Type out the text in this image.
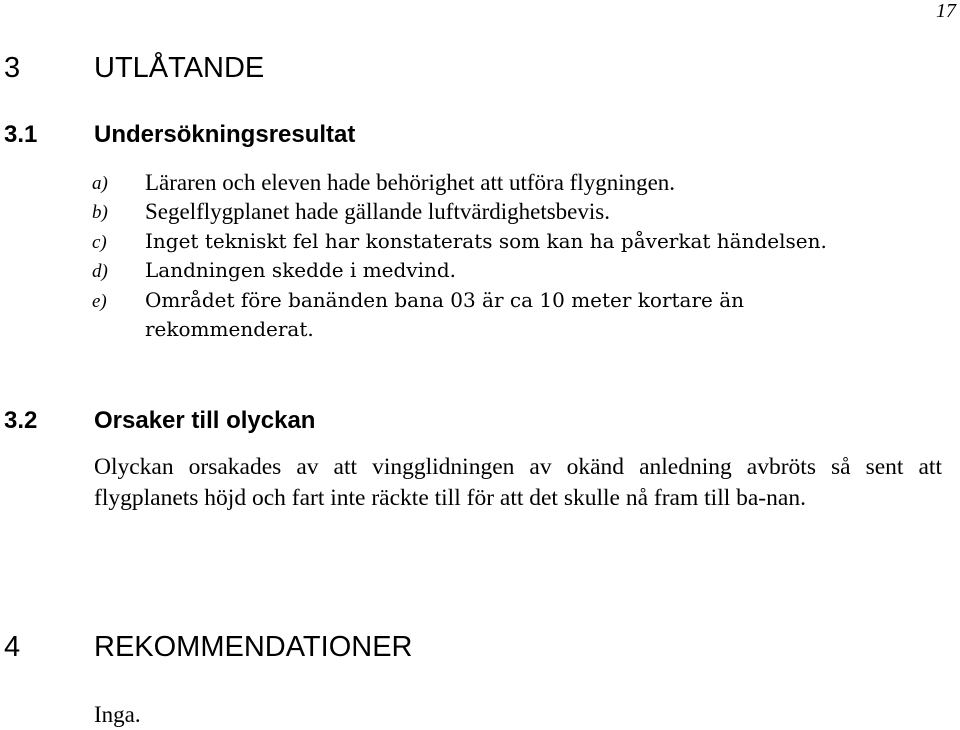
17
3	UTLÅTANDE
3.1 Undersökningsresultat
a) Läraren och eleven hade behörighet att utföra flygningen.
b) Segelflygplanet hade gällande luftvärdighetsbevis.
c) Inget tekniskt fel har konstaterats som kan ha påverkat händelsen.
d) Landningen skedde i medvind.
e) Området före banänden bana 03 är ca 10 meter kortare än
rekommenderat.
3.2 Orsaker till olyckan
Olyckan orsakades av att vingglidningen av okänd anledning avbröts så sent att flygplanets höjd och fart inte räckte till för att det skulle nå fram till ba-nan.
4	REKOMMENDATIONER
Inga.
